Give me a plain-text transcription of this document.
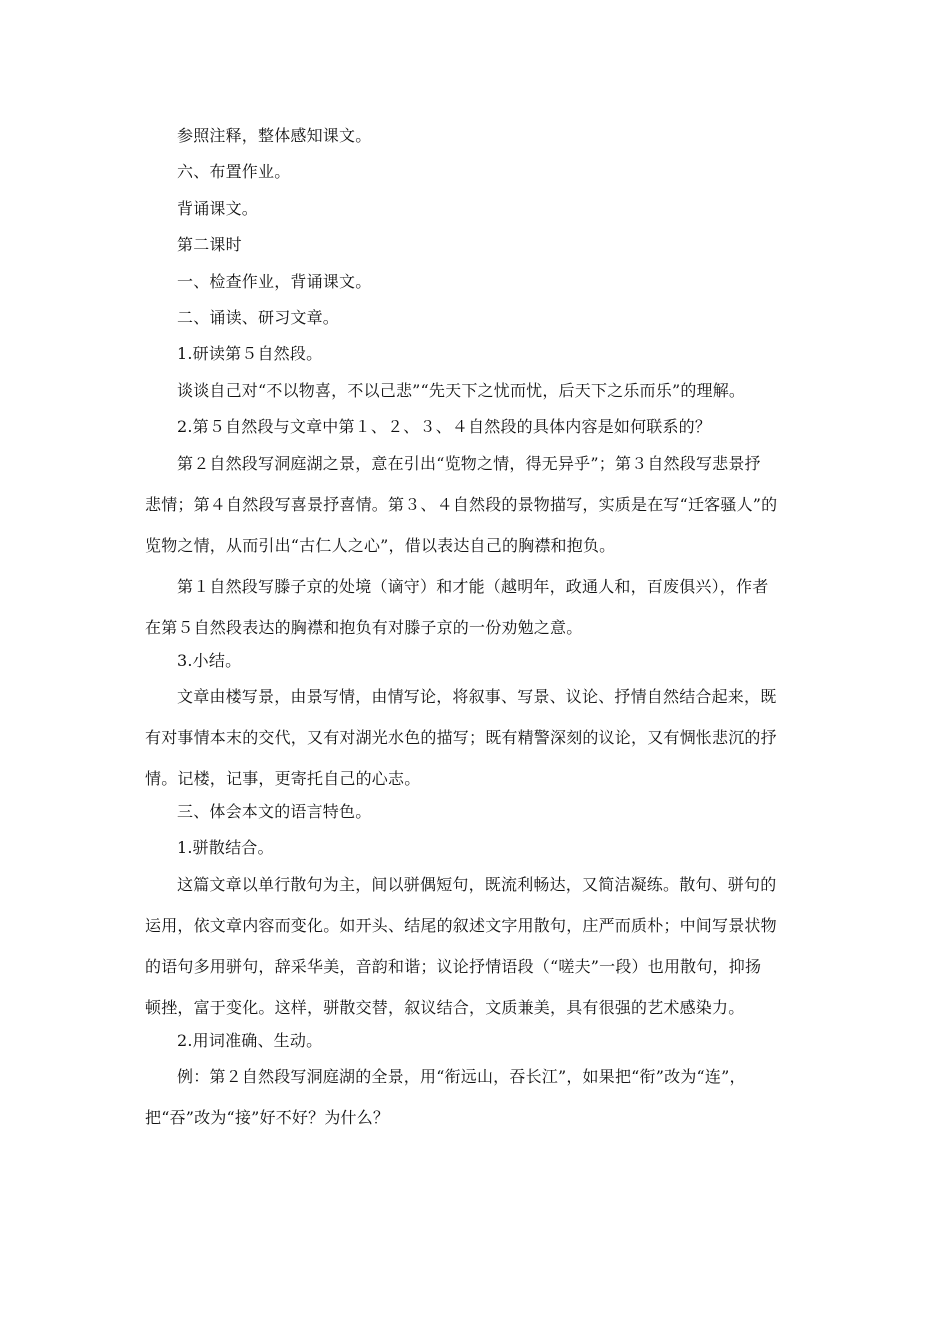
参照注释，整体感知课文。
六、布置作业。
背诵课文。
第二课时
一、检查作业，背诵课文。
二、诵读、研习文章。
1.研读第５自然段。
谈谈自己对“不以物喜，不以己悲”“先天下之忧而忧，后天下之乐而乐”的理解。
2.第５自然段与文章中第１、２、３、４自然段的具体内容是如何联系的？
第２自然段写洞庭湖之景，意在引出“览物之情，得无异乎”；第３自然段写悲景抒
悲情；第４自然段写喜景抒喜情。第３、４自然段的景物描写，实质是在写“迁客骚人”的
览物之情，从而引出“古仁人之心”，借以表达自己的胸襟和抱负。
第１自然段写滕子京的处境（谪守）和才能（越明年，政通人和，百废俱兴），作者
在第５自然段表达的胸襟和抱负有对滕子京的一份劝勉之意。
3.小结。
文章由楼写景，由景写情，由情写论，将叙事、写景、议论、抒情自然结合起来，既
有对事情本末的交代，又有对湖光水色的描写；既有精警深刻的议论，又有惆怅悲沉的抒
情。记楼，记事，更寄托自己的心志。
三、体会本文的语言特色。
1.骈散结合。
这篇文章以单行散句为主，间以骈偶短句，既流利畅达，又简洁凝练。散句、骈句的
运用，依文章内容而变化。如开头、结尾的叙述文字用散句，庄严而质朴；中间写景状物
的语句多用骈句，辞采华美，音韵和谐；议论抒情语段（“嗟夫”一段）也用散句，抑扬
顿挫，富于变化。这样，骈散交替，叙议结合，文质兼美，具有很强的艺术感染力。
2.用词准确、生动。
例：第２自然段写洞庭湖的全景，用“衔远山，吞长江”，如果把“衔”改为“连”，
把“吞”改为“接”好不好？为什么？
